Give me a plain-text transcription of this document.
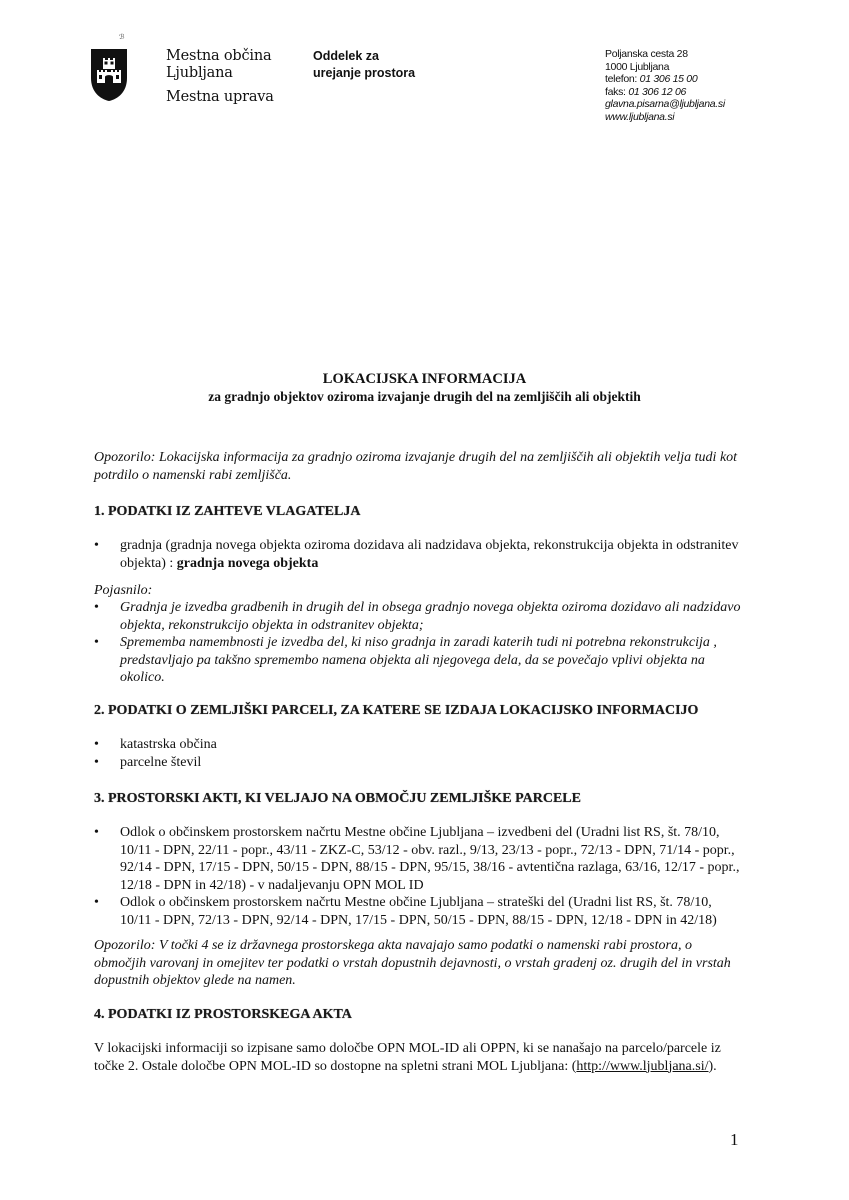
ℬ
Mestna občina
Ljubljana
Mestna uprava
Oddelek za
urejanje prostora
Poljanska cesta 28
1000 Ljubljana
telefon: 01 306 15 00
faks: 01 306 12 06
glavna.pisarna@ljubljana.si
www.ljubljana.si
LOKACIJSKA INFORMACIJA
za gradnjo objektov oziroma izvajanje drugih del na zemljiščih ali objektih
Opozorilo: Lokacijska informacija za gradnjo oziroma izvajanje drugih del na zemljiščih ali objektih velja tudi kot potrdilo o namenski rabi zemljišča.
1. PODATKI IZ ZAHTEVE VLAGATELJA
• gradnja (gradnja novega objekta oziroma dozidava ali nadzidava objekta, rekonstrukcija objekta in odstranitev objekta) : gradnja novega objekta
Pojasnilo:
• Gradnja je izvedba gradbenih in drugih del in obsega gradnjo novega objekta oziroma dozidavo ali nadzidavo objekta, rekonstrukcijo objekta in odstranitev objekta;
• Sprememba namembnosti je izvedba del, ki niso gradnja in zaradi katerih tudi ni potrebna rekonstrukcija , predstavljajo pa takšno spremembo namena objekta ali njegovega dela, da se povečajo vplivi objekta na okolico.
2. PODATKI O ZEMLJIŠKI PARCELI, ZA KATERE SE IZDAJA LOKACIJSKO INFORMACIJO
• katastrska občina
• parcelne števil
3. PROSTORSKI AKTI, KI VELJAJO NA OBMOČJU ZEMLJIŠKE PARCELE
• Odlok o občinskem prostorskem načrtu Mestne občine Ljubljana – izvedbeni del (Uradni list RS, št. 78/10, 10/11 - DPN, 22/11 - popr., 43/11 - ZKZ-C, 53/12 - obv. razl., 9/13, 23/13 - popr., 72/13 - DPN, 71/14 - popr., 92/14 - DPN, 17/15 - DPN, 50/15 - DPN, 88/15 - DPN, 95/15, 38/16 - avtentična razlaga, 63/16, 12/17 - popr., 12/18 - DPN in 42/18) - v nadaljevanju OPN MOL ID
• Odlok o občinskem prostorskem načrtu Mestne občine Ljubljana – strateški del (Uradni list RS, št. 78/10, 10/11 - DPN, 72/13 - DPN, 92/14 - DPN, 17/15 - DPN, 50/15 - DPN, 88/15 - DPN, 12/18 - DPN in 42/18)
Opozorilo: V točki 4 se iz državnega prostorskega akta navajajo samo podatki o namenski rabi prostora, o območjih varovanj in omejitev ter podatki o vrstah dopustnih dejavnosti, o vrstah gradenj oz. drugih del in vrstah dopustnih objektov glede na namen.
4. PODATKI IZ PROSTORSKEGA AKTA
V lokacijski informaciji so izpisane samo določbe OPN MOL-ID ali OPPN, ki se nanašajo na parcelo/parcele iz točke 2. Ostale določbe OPN MOL-ID so dostopne na spletni strani MOL Ljubljana: (http://www.ljubljana.si/).
1
